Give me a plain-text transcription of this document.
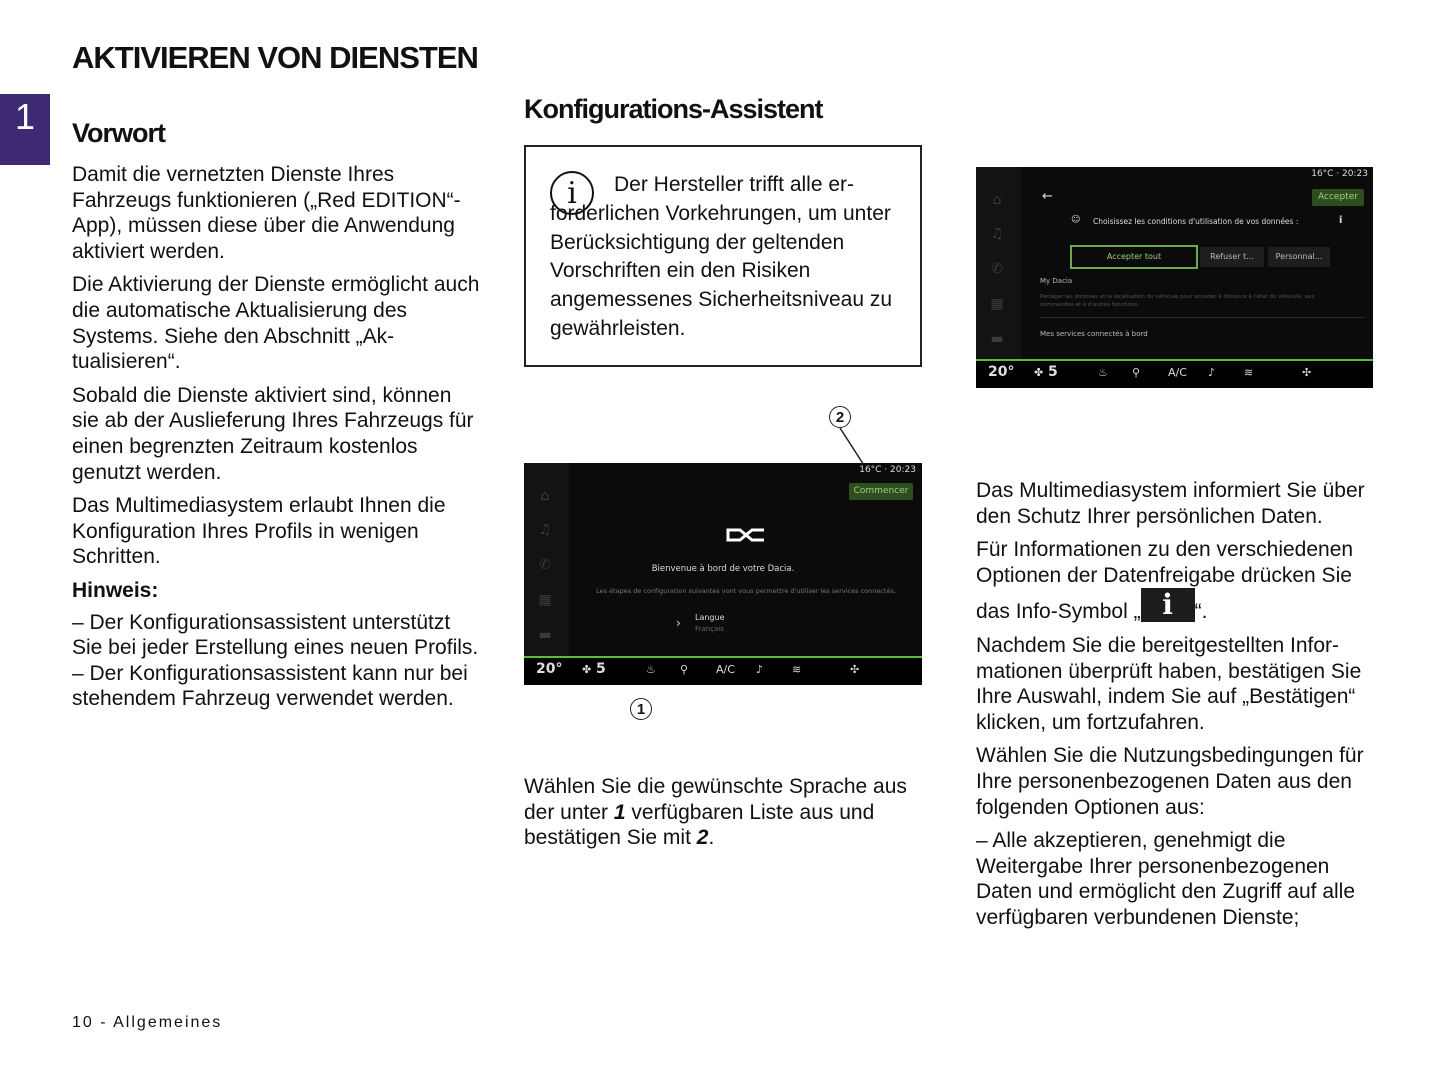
AKTIVIEREN VON DIENSTEN
1	Vorwort

Damit die vernetzten Dienste Ihres Fahrzeugs funktionieren („Red EDITION“-App), müssen diese über die Anwendung aktiviert werden.

Die Aktivierung der Dienste ermöglicht auch die automatische Aktualisierung des Systems. Siehe den Abschnitt „Aktualisieren“.

Sobald die Dienste aktiviert sind, können sie ab der Auslieferung Ihres Fahrzeugs für einen begrenzten Zeitraum kostenlos genutzt werden.

Das Multimediasystem erlaubt Ihnen die Konfiguration Ihres Profils in wenigen Schritten.

Hinweis:

– Der Konfigurationsassistent unterstützt Sie bei jeder Erstellung eines neuen Profils.

– Der Konfigurationsassistent kann nur bei stehendem Fahrzeug verwendet werden.

Konfigurations-Assistent
i	Der Hersteller trifft alle erforderlichen Vorkehrungen, um unter Berücksichtigung der geltenden Vorschriften ein den Risiken angemessenes Sicherheitsniveau zu gewährleisten.
2
⌂
♫
✆
▦
▬
16°C · 20:23
Commencer
Bienvenue à bord de votre Dacia.
Les étapes de configuration suivantes vont vous permettre d'utiliser les services connectés.
› Langue
Français
20° ✤ 5	♨ ⚲	A/C ♪	≋	✣
1

Wählen Sie die gewünschte Sprache aus der unter 1 verfügbaren Liste aus und bestätigen Sie mit 2.

⌂
♫
✆
▦
▬
16°C · 20:23
←	Accepter
☺ Choisissez les conditions d'utilisation de vos données :	i
Accepter tout	Refuser t...	Personnal...
My Dacia
Partager les données et la localisation du véhicule pour accéder à distance à l'état du véhicule, aux commandes et à d'autres fonctions.
Mes services connectés à bord
20° ✤ 5	♨ ⚲	A/C ♪	≋	✣

Das Multimediasystem informiert Sie über den Schutz Ihrer persönlichen Daten.

Für Informationen zu den verschiedenen Optionen der Datenfreigabe drücken Sie das Info-Symbol „ i “.

Nachdem Sie die bereitgestellten Informationen überprüft haben, bestätigen Sie Ihre Auswahl, indem Sie auf „Bestätigen“ klicken, um fortzufahren.

Wählen Sie die Nutzungsbedingungen für Ihre personenbezogenen Daten aus den folgenden Optionen aus:

– Alle akzeptieren, genehmigt die Weitergabe Ihrer personenbezogenen Daten und ermöglicht den Zugriff auf alle verfügbaren verbundenen Dienste;

10 - Allgemeines
